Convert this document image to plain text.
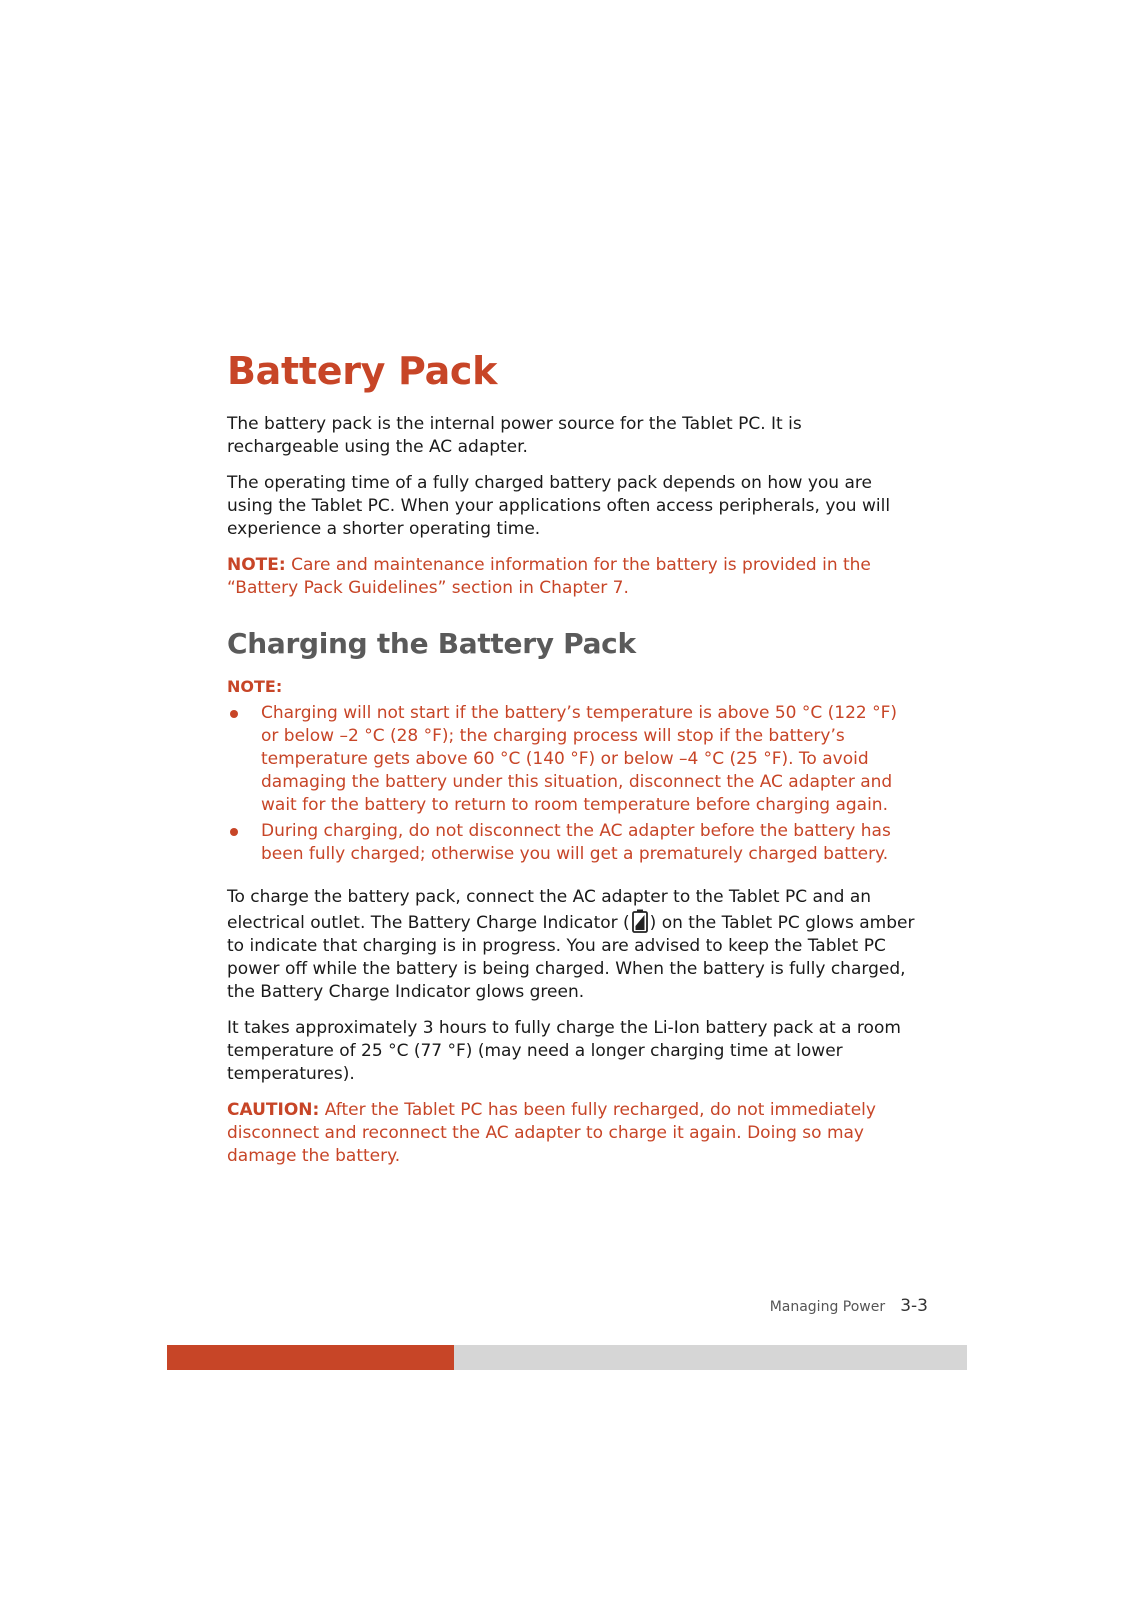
Battery Pack

The battery pack is the internal power source for the Tablet PC. It is rechargeable using the AC adapter.

The operating time of a fully charged battery pack depends on how you are using the Tablet PC. When your applications often access peripherals, you will experience a shorter operating time.

NOTE: Care and maintenance information for the battery is provided in the “Battery Pack Guidelines” section in Chapter 7.

Charging the Battery Pack
NOTE:
Charging will not start if the battery’s temperature is above 50 °C (122 °F) or below –2 °C (28 °F); the charging process will stop if the battery’s temperature gets above 60 °C (140 °F) or below –4 °C (25 °F). To avoid damaging the battery under this situation, disconnect the AC adapter and wait for the battery to return to room temperature before charging again.
During charging, do not disconnect the AC adapter before the battery has been fully charged; otherwise you will get a prematurely charged battery.

To charge the battery pack, connect the AC adapter to the Tablet PC and an electrical outlet. The Battery Charge Indicator ( ) on the Tablet PC glows amber to indicate that charging is in progress. You are advised to keep the Tablet PC power off while the battery is being charged. When the battery is fully charged, the Battery Charge Indicator glows green.

It takes approximately 3 hours to fully charge the Li-Ion battery pack at a room temperature of 25 °C (77 °F) (may need a longer charging time at lower temperatures).

CAUTION: After the Tablet PC has been fully recharged, do not immediately disconnect and reconnect the AC adapter to charge it again. Doing so may damage the battery.

Managing Power 3-3
